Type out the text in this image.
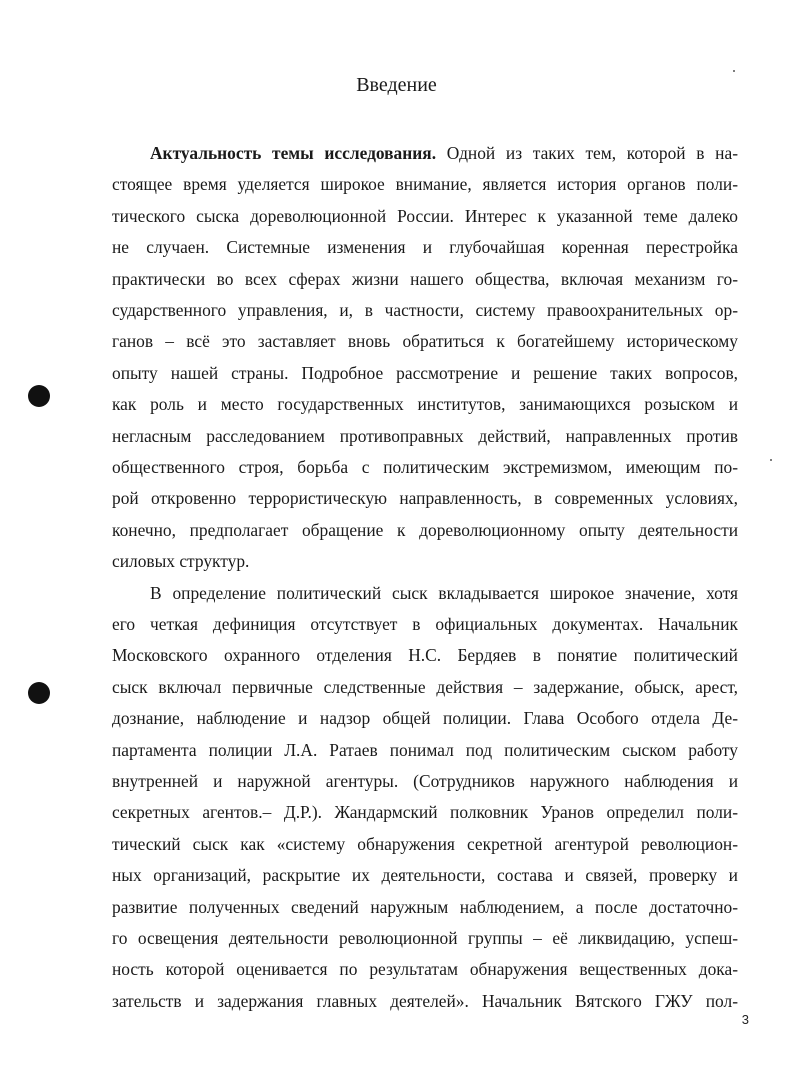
Введение
Актуальность темы исследования. Одной из таких тем, которой в на-
стоящее время уделяется широкое внимание, является история органов поли-
тического сыска дореволюционной России. Интерес к указанной теме далеко
не случаен. Системные изменения и глубочайшая коренная перестройка
практически во всех сферах жизни нашего общества, включая механизм го-
сударственного управления, и, в частности, систему правоохранительных ор-
ганов – всё это заставляет вновь обратиться к богатейшему историческому
опыту нашей страны. Подробное рассмотрение и решение таких вопросов,
как роль и место государственных институтов, занимающихся розыском и
негласным расследованием противоправных действий, направленных против
общественного строя, борьба с политическим экстремизмом, имеющим по-
рой откровенно террористическую направленность, в современных условиях,
конечно, предполагает обращение к дореволюционному опыту деятельности
силовых структур.
В определение политический сыск вкладывается широкое значение, хотя
его четкая дефиниция отсутствует в официальных документах. Начальник
Московского охранного отделения Н.С. Бердяев в понятие политический
сыск включал первичные следственные действия – задержание, обыск, арест,
дознание, наблюдение и надзор общей полиции. Глава Особого отдела Де-
партамента полиции Л.А. Ратаев понимал под политическим сыском работу
внутренней и наружной агентуры. (Сотрудников наружного наблюдения и
секретных агентов.– Д.Р.). Жандармский полковник Уранов определил поли-
тический сыск как «систему обнаружения секретной агентурой революцион-
ных организаций, раскрытие их деятельности, состава и связей, проверку и
развитие полученных сведений наружным наблюдением, а после достаточно-
го освещения деятельности революционной группы – её ликвидацию, успеш-
ность которой оценивается по результатам обнаружения вещественных дока-
зательств и задержания главных деятелей». Начальник Вятского ГЖУ пол-
3
